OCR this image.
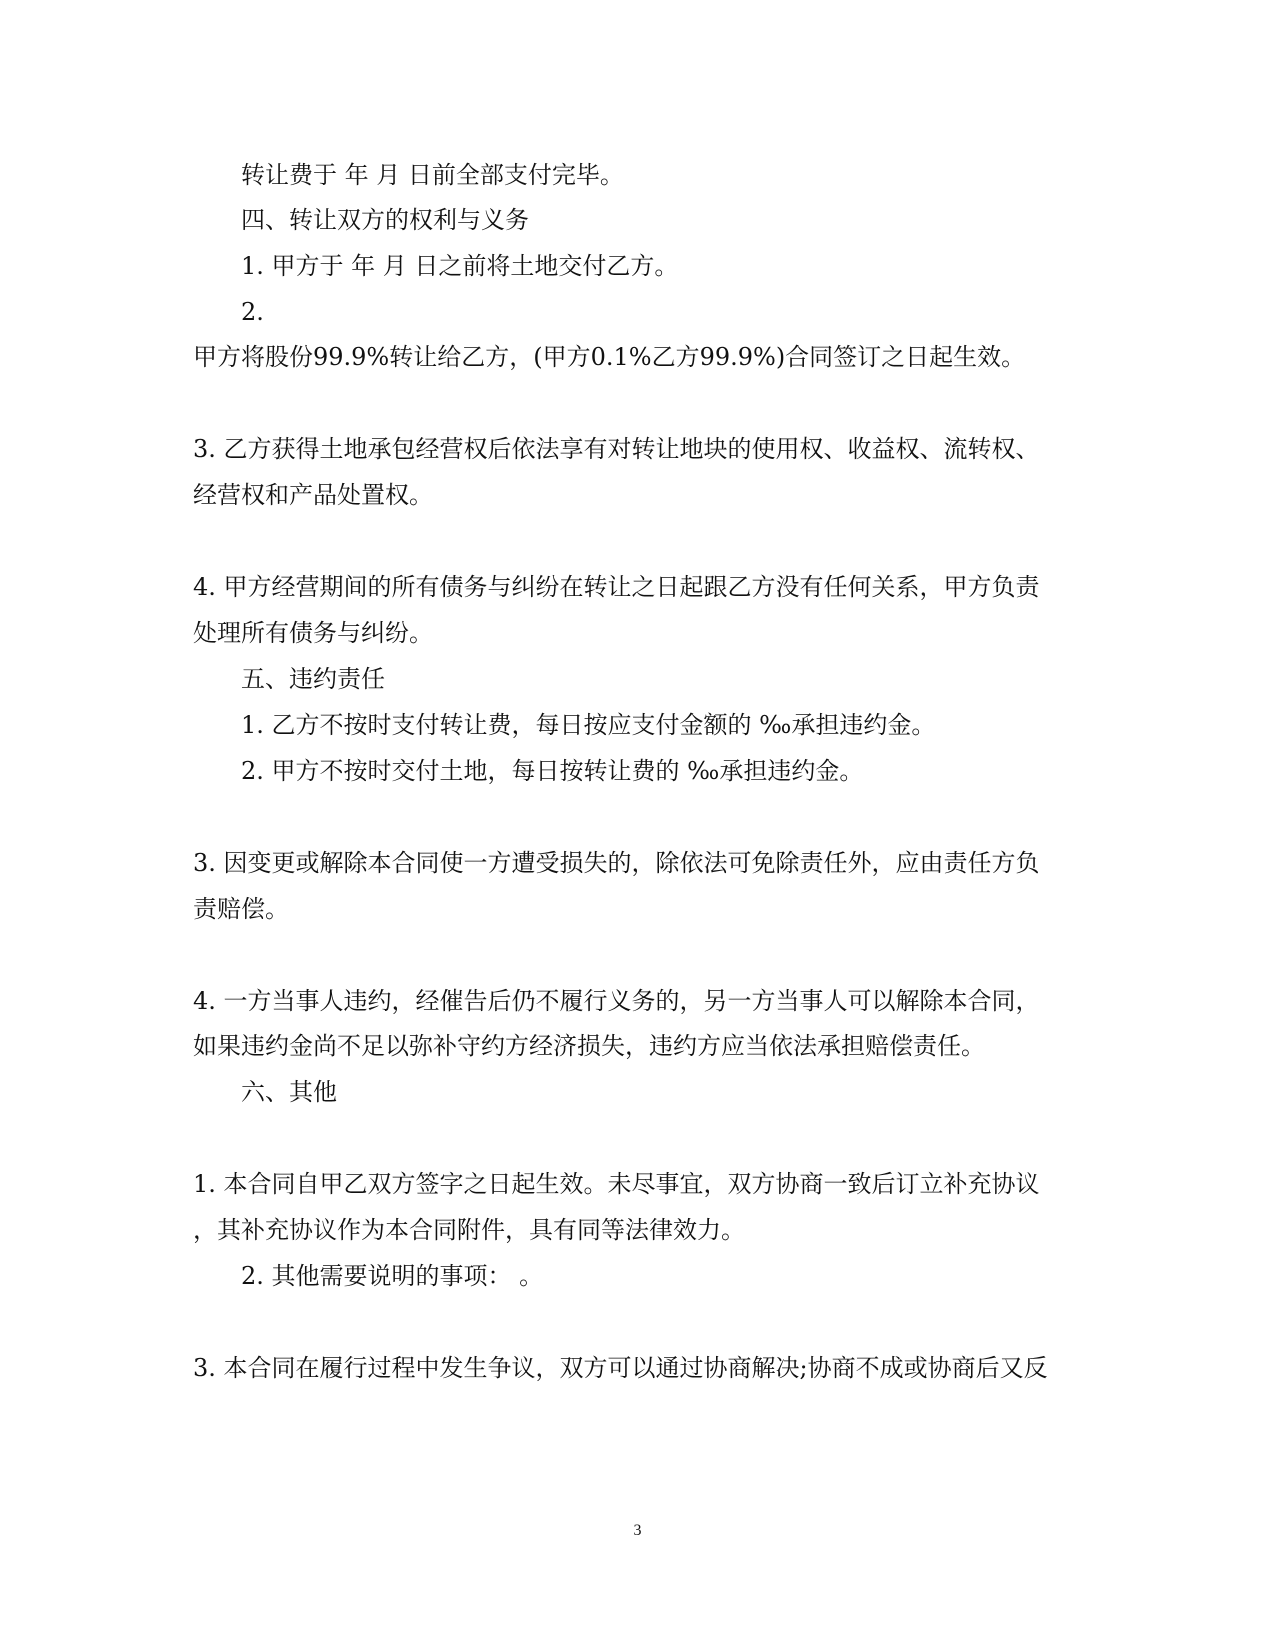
转让费于 年 月 日前全部支付完毕。
四、转让双方的权利与义务
1. 甲方于 年 月 日之前将土地交付乙方。
2.
甲方将股份99.9%转让给乙方，(甲方0.1%乙方99.9%)合同签订之日起生效。
3. 乙方获得土地承包经营权后依法享有对转让地块的使用权、收益权、流转权、
经营权和产品处置权。
4. 甲方经营期间的所有债务与纠纷在转让之日起跟乙方没有任何关系，甲方负责
处理所有债务与纠纷。
五、违约责任
1. 乙方不按时支付转让费，每日按应支付金额的 ‰承担违约金。
2. 甲方不按时交付土地，每日按转让费的 ‰承担违约金。
3. 因变更或解除本合同使一方遭受损失的，除依法可免除责任外，应由责任方负
责赔偿。
4. 一方当事人违约，经催告后仍不履行义务的，另一方当事人可以解除本合同，
如果违约金尚不足以弥补守约方经济损失，违约方应当依法承担赔偿责任。
六、其他
1. 本合同自甲乙双方签字之日起生效。未尽事宜，双方协商一致后订立补充协议
，其补充协议作为本合同附件，具有同等法律效力。
2. 其他需要说明的事项： 。
3. 本合同在履行过程中发生争议，双方可以通过协商解决;协商不成或协商后又反
3
